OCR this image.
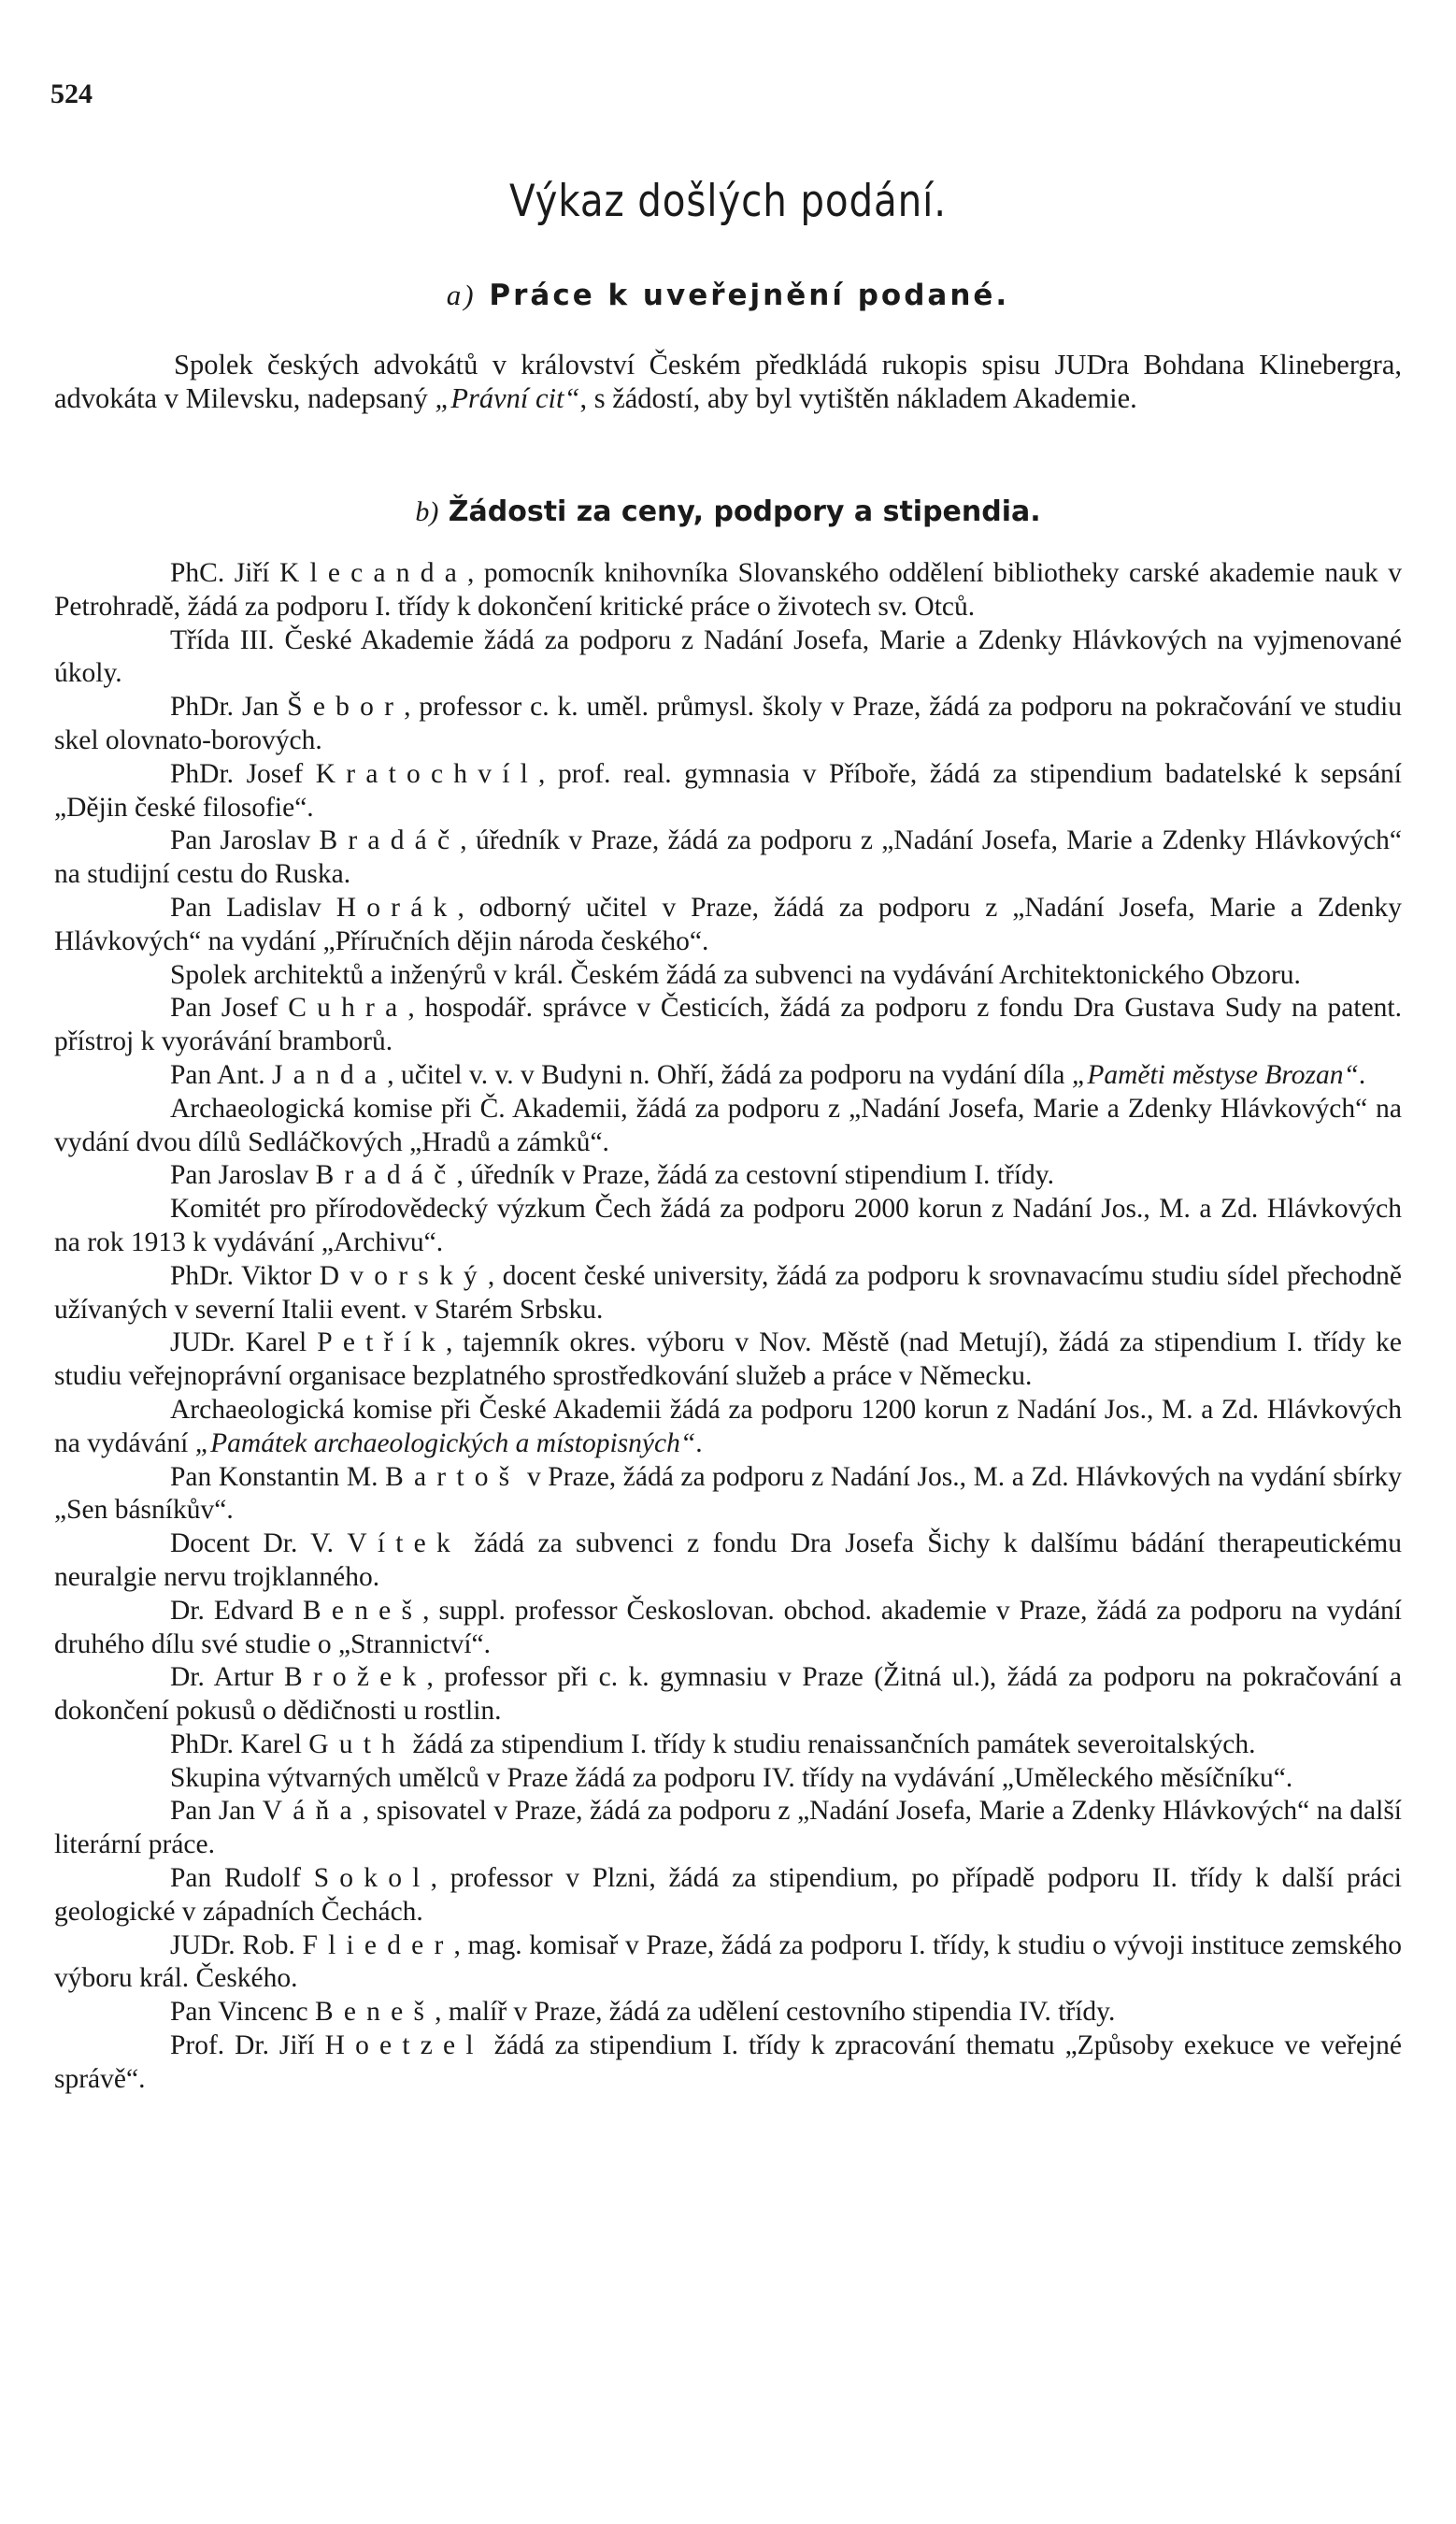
524

Výkaz došlých podání.
a) Práce k uveřejnění podané.

Spolek českých advokátů v království Českém předkládá rukopis spisu JUDra Bohdana Klinebergra, advokáta v Milevsku, nadepsaný „Právní cit“, s žádostí, aby byl vytištěn nákladem Akademie.

b) Žádosti za ceny, podpory a stipendia.

PhC. Jiří Klecanda, pomocník knihovníka Slovanského oddělení bibliotheky carské akademie nauk v Petrohradě, žádá za podporu I. třídy k dokončení kritické práce o životech sv. Otců.

Třída III. České Akademie žádá za podporu z Nadání Josefa, Marie a Zdenky Hlávkových na vyjmenované úkoly.

PhDr. Jan Šebor, professor c. k. uměl. průmysl. školy v Praze, žádá za podporu na pokračování ve studiu skel olovnato-borových.

PhDr. Josef Kratochvíl, prof. real. gymnasia v Příboře, žádá za stipendium badatelské k sepsání „Dějin české filosofie“.

Pan Jaroslav Bradáč, úředník v Praze, žádá za podporu z „Nadání Josefa, Marie a Zdenky Hlávkových“ na studijní cestu do Ruska.

Pan Ladislav Horák, odborný učitel v Praze, žádá za podporu z „Nadání Josefa, Marie a Zdenky Hlávkových“ na vydání „Příručních dějin národa českého“.

Spolek architektů a inženýrů v král. Českém žádá za subvenci na vydávání Architektonického Obzoru.

Pan Josef Cuhra, hospodář. správce v Česticích, žádá za podporu z fondu Dra Gustava Sudy na patent. přístroj k vyorávání bramborů.

Pan Ant. Janda, učitel v. v. v Budyni n. Ohří, žádá za podporu na vydání díla „Paměti městyse Brozan“.

Archaeologická komise při Č. Akademii, žádá za podporu z „Nadání Josefa, Marie a Zdenky Hlávkových“ na vydání dvou dílů Sedláčkových „Hradů a zámků“.

Pan Jaroslav Bradáč, úředník v Praze, žádá za cestovní stipendium I. třídy.

Komitét pro přírodovědecký výzkum Čech žádá za podporu 2000 korun z Nadání Jos., M. a Zd. Hlávkových na rok 1913 k vydávání „Archivu“.

PhDr. Viktor Dvorský, docent české university, žádá za podporu k srovnavacímu studiu sídel přechodně užívaných v severní Italii event. v Starém Srbsku.

JUDr. Karel Petřík, tajemník okres. výboru v Nov. Městě (nad Metují), žádá za stipendium I. třídy ke studiu veřejnoprávní organisace bezplatného sprostředkování služeb a práce v Německu.

Archaeologická komise při České Akademii žádá za podporu 1200 korun z Nadání Jos., M. a Zd. Hlávkových na vydávání „Památek archaeologických a místopisných“.

Pan Konstantin M. Bartoš v Praze, žádá za podporu z Nadání Jos., M. a Zd. Hlávkových na vydání sbírky „Sen básníkův“.

Docent Dr. V. Vítek žádá za subvenci z fondu Dra Josefa Šichy k dalšímu bádání therapeutickému neuralgie nervu trojklanného.

Dr. Edvard Beneš, suppl. professor Českoslovan. obchod. akademie v Praze, žádá za podporu na vydání druhého dílu své studie o „Strannictví“.

Dr. Artur Brožek, professor při c. k. gymnasiu v Praze (Žitná ul.), žádá za podporu na pokračování a dokončení pokusů o dědičnosti u rostlin.

PhDr. Karel Guth žádá za stipendium I. třídy k studiu renaissančních památek severoitalských.

Skupina výtvarných umělců v Praze žádá za podporu IV. třídy na vydávání „Uměleckého měsíčníku“.

Pan Jan Váňa, spisovatel v Praze, žádá za podporu z „Nadání Josefa, Marie a Zdenky Hlávkových“ na další literární práce.

Pan Rudolf Sokol, professor v Plzni, žádá za stipendium, po případě podporu II. třídy k další práci geologické v západních Čechách.

JUDr. Rob. Flieder, mag. komisař v Praze, žádá za podporu I. třídy, k studiu o vývoji instituce zemského výboru král. Českého.

Pan Vincenc Beneš, malíř v Praze, žádá za udělení cestovního stipendia IV. třídy.

Prof. Dr. Jiří Hoetzel žádá za stipendium I. třídy k zpracování thematu „Způsoby exekuce ve veřejné správě“.
